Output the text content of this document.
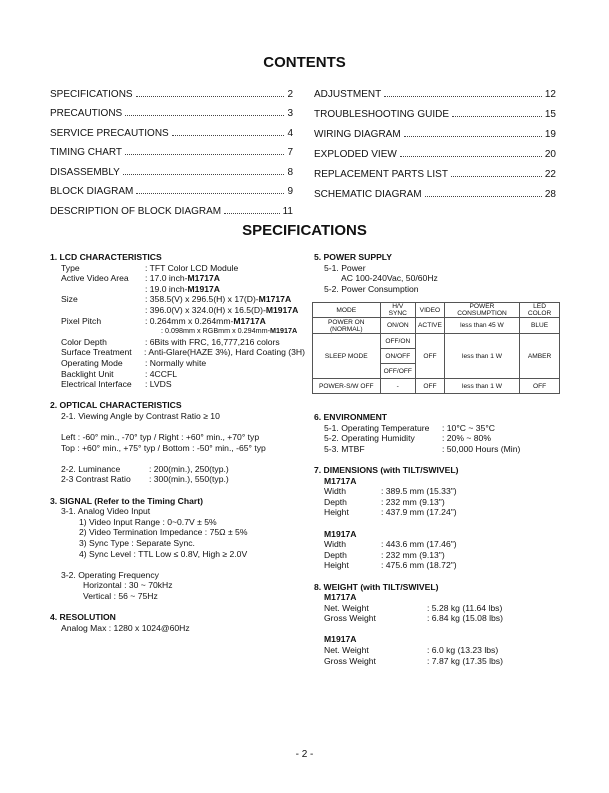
CONTENTS
SPECIFICATIONS	2
PRECAUTIONS	3
SERVICE PRECAUTIONS	4
TIMING CHART	7
DISASSEMBLY	8
BLOCK DIAGRAM	9
DESCRIPTION OF BLOCK DIAGRAM	11
ADJUSTMENT	12
TROUBLESHOOTING GUIDE	15
WIRING DIAGRAM	19
EXPLODED VIEW	20
REPLACEMENT PARTS LIST	22
SCHEMATIC DIAGRAM	28
SPECIFICATIONS
1. LCD CHARACTERISTICS
Type	: TFT Color LCD Module
Active Video Area	: 17.0 inch-M1717A
: 19.0 inch-M1917A
Size	: 358.5(V) x 296.5(H) x 17(D)-M1717A
: 396.0(V) x 324.0(H) x 16.5(D)-M1917A
Pixel Pitch	: 0.264mm x 0.264mm-M1717A
: 0.098mm x RGBmm x 0.294mm-M1917A
Color Depth	: 6Bits with FRC, 16,777,216 colors
Surface Treatment	: Anti-Glare(HAZE 3%), Hard Coating (3H)
Operating Mode	: Normally white
Backlight Unit	: 4CCFL
Electrical Interface	: LVDS
2. OPTICAL CHARACTERISTICS
2-1. Viewing Angle by Contrast Ratio ≥ 10
Left : -60° min., -70° typ / Right : +60° min., +70° typ
Top : +60° min., +75° typ / Bottom : -50° min., -65° typ
2-2. Luminance	: 200(min.), 250(typ.)
2-3 Contrast Ratio	: 300(min.), 550(typ.)
3. SIGNAL (Refer to the Timing Chart)
3-1. Analog Video Input
1) Video Input Range : 0~0.7V ± 5%
2) Video Termination Impedance : 75Ω ± 5%
3) Sync Type : Separate Sync.
4) Sync Level : TTL Low ≤ 0.8V, High ≥ 2.0V
3-2. Operating Frequency
Horizontal : 30 ~ 70kHz
Vertical : 56 ~ 75Hz
4. RESOLUTION
Analog Max : 1280 x 1024@60Hz
5. POWER SUPPLY
5-1. Power
AC 100-240Vac, 50/60Hz
5-2. Power Consumption
MODE	H/V SYNC	VIDEO	POWER CONSUMPTION	LED COLOR
POWER ON (NORMAL)	ON/ON	ACTIVE	less than 45 W	BLUE
SLEEP MODE	OFF/ON	OFF	less than 1 W	AMBER
	ON/OFF			
	OFF/OFF			
POWER-S/W OFF	-	OFF	less than 1 W	OFF
6. ENVIRONMENT
5-1. Operating Temperature	: 10°C ~ 35°C
5-2. Operating Humidity	: 20% ~ 80%
5-3. MTBF	: 50,000 Hours (Min)
7. DIMENSIONS (with TILT/SWIVEL)
M1717A
Width	: 389.5 mm (15.33")
Depth	: 232 mm (9.13")
Height	: 437.9 mm (17.24")
M1917A
Width	: 443.6 mm (17.46")
Depth	: 232 mm (9.13")
Height	: 475.6 mm (18.72")
8. WEIGHT (with TILT/SWIVEL)
M1717A
Net. Weight	: 5.28 kg (11.64 lbs)
Gross Weight	: 6.84 kg (15.08 lbs)
M1917A
Net. Weight	: 6.0 kg (13.23 lbs)
Gross Weight	: 7.87 kg (17.35 lbs)
- 2 -
